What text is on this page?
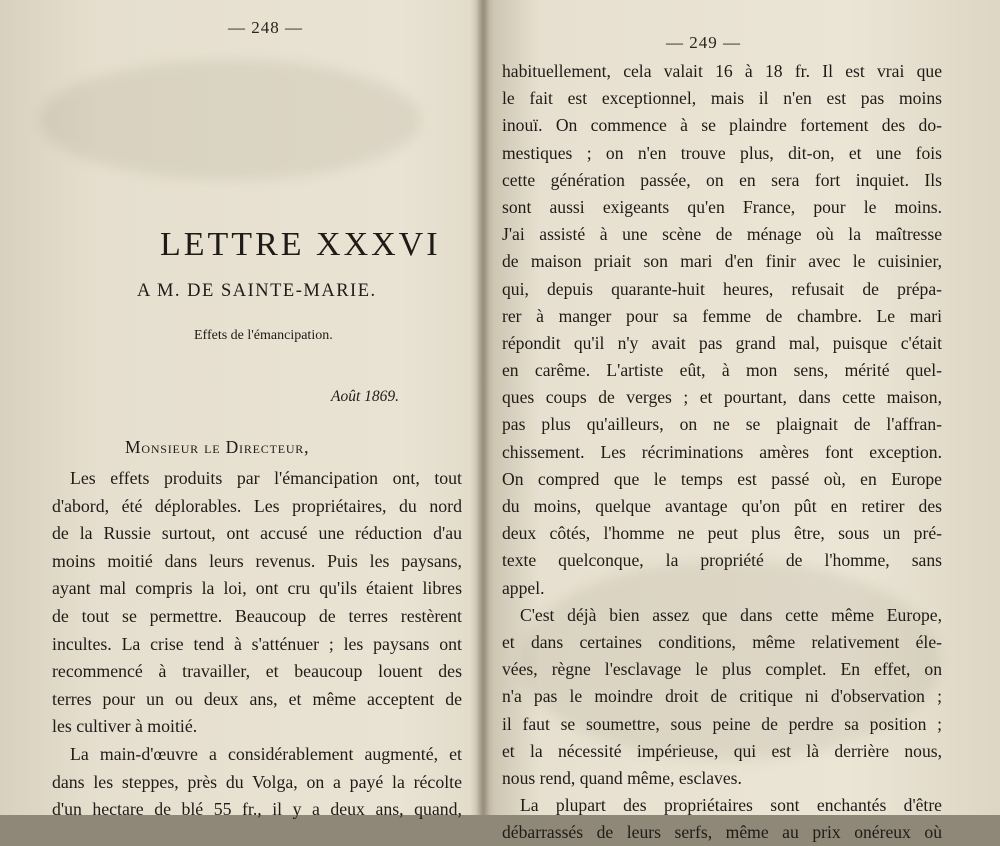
— 248 —
LETTRE XXXVI
A M. DE SAINTE-MARIE.
Effets de l'émancipation.
Août 1869.
Monsieur le Directeur,
Les effets produits par l'émancipation ont, tout
d'abord, été déplorables. Les propriétaires, du nord
de la Russie surtout, ont accusé une réduction d'au
moins moitié dans leurs revenus. Puis les paysans,
ayant mal compris la loi, ont cru qu'ils étaient libres
de tout se permettre. Beaucoup de terres restèrent
incultes. La crise tend à s'atténuer ; les paysans ont
recommencé à travailler, et beaucoup louent des
terres pour un ou deux ans, et même acceptent de
les cultiver à moitié.
La main-d'œuvre a considérablement augmenté, et
dans les steppes, près du Volga, on a payé la récolte
d'un hectare de blé 55 fr., il y a deux ans, quand,
— 249 —
habituellement, cela valait 16 à 18 fr. Il est vrai que
le fait est exceptionnel, mais il n'en est pas moins
inouï. On commence à se plaindre fortement des do-
mestiques ; on n'en trouve plus, dit-on, et une fois
cette génération passée, on en sera fort inquiet. Ils
sont aussi exigeants qu'en France, pour le moins.
J'ai assisté à une scène de ménage où la maîtresse
de maison priait son mari d'en finir avec le cuisinier,
qui, depuis quarante-huit heures, refusait de prépa-
rer à manger pour sa femme de chambre. Le mari
répondit qu'il n'y avait pas grand mal, puisque c'était
en carême. L'artiste eût, à mon sens, mérité quel-
ques coups de verges ; et pourtant, dans cette maison,
pas plus qu'ailleurs, on ne se plaignait de l'affran-
chissement. Les récriminations amères font exception.
On compred que le temps est passé où, en Europe
du moins, quelque avantage qu'on pût en retirer des
deux côtés, l'homme ne peut plus être, sous un pré-
texte quelconque, la propriété de l'homme, sans
appel.
C'est déjà bien assez que dans cette même Europe,
et dans certaines conditions, même relativement éle-
vées, règne l'esclavage le plus complet. En effet, on
n'a pas le moindre droit de critique ni d'observation ;
il faut se soumettre, sous peine de perdre sa position ;
et la nécessité impérieuse, qui est là derrière nous,
nous rend, quand même, esclaves.
La plupart des propriétaires sont enchantés d'être
débarrassés de leurs serfs, même au prix onéreux où
